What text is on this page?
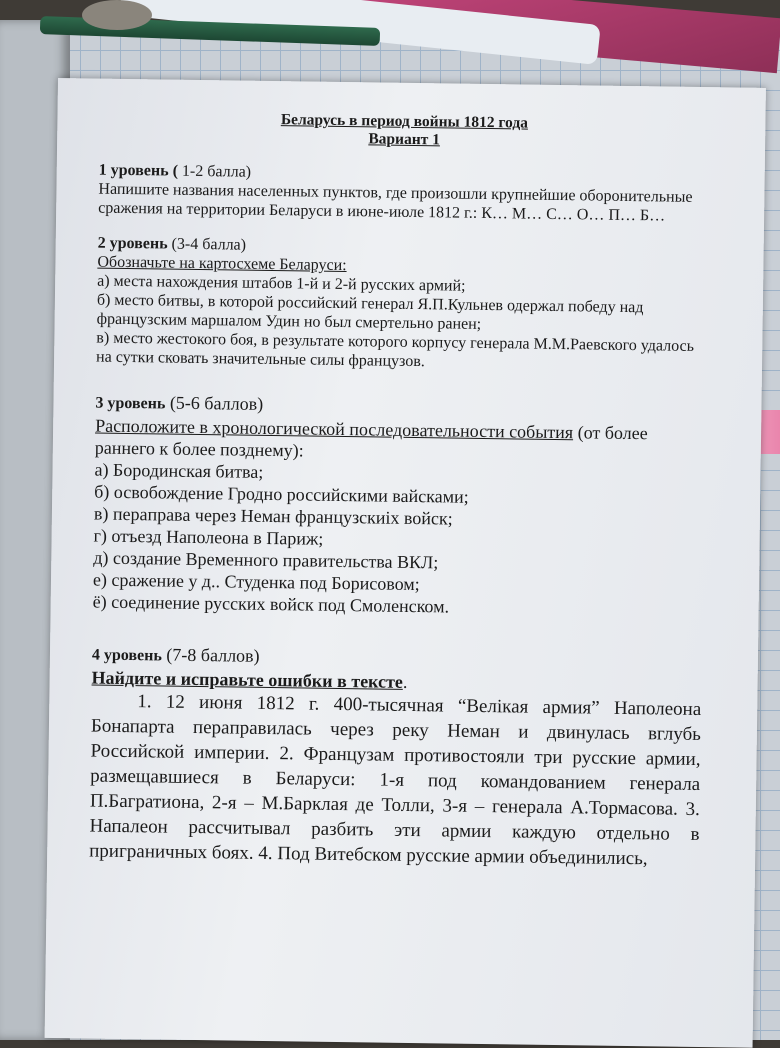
Беларусь в период войны 1812 года

Вариант 1

1 уровень ( 1-2 балла)

Напишите названия населенных пунктов, где произошли крупнейшие оборонительные сражения на территории Беларуси в июне-июле 1812 г.: К… М… С… О… П… Б…

2 уровень (3-4 балла)

Обозначьте на картосхеме Беларуси:

а) места нахождения штабов 1-й и 2-й русских армий;

б) место битвы, в которой российский генерал Я.П.Кульнев одержал победу над французским маршалом Удин но был смертельно ранен;

в) место жестокого боя, в результате которого корпусу генерала М.М.Раевского удалось на сутки сковать значительные силы французов.

3 уровень (5-6 баллов)

Расположите в хронологической последовательности события (от более раннего к более позднему):

а) Бородинская битва;

б) освобождение Гродно российскими вайсками;

в) перaправа через Неман французскиіх войск;

г) отъезд Наполеона в Париж;

д) создание Временного правительства ВКЛ;

е) сражение у д.. Студенка под Борисовом;

ё) соединение русских войск под Смоленском.

4 уровень (7-8 баллов)

Найдите и исправьте ошибки в тексте.

1. 12 июня 1812 г. 400-тысячная “Велiкая армия” Наполеона Бонапарта перaправилась через реку Неман и двинулась вглубь Российской империи. 2. Французам противостояли три русские армии, размещавшиеся в Беларуси: 1-я под командованием генерала П.Багратиона, 2-я – М.Барклая де Толли, 3-я – генерала А.Тормасова. 3. Напалеон рассчитывал разбить эти армии каждую отдельно в приграничных боях. 4. Под Витебском русские армии объединились,
